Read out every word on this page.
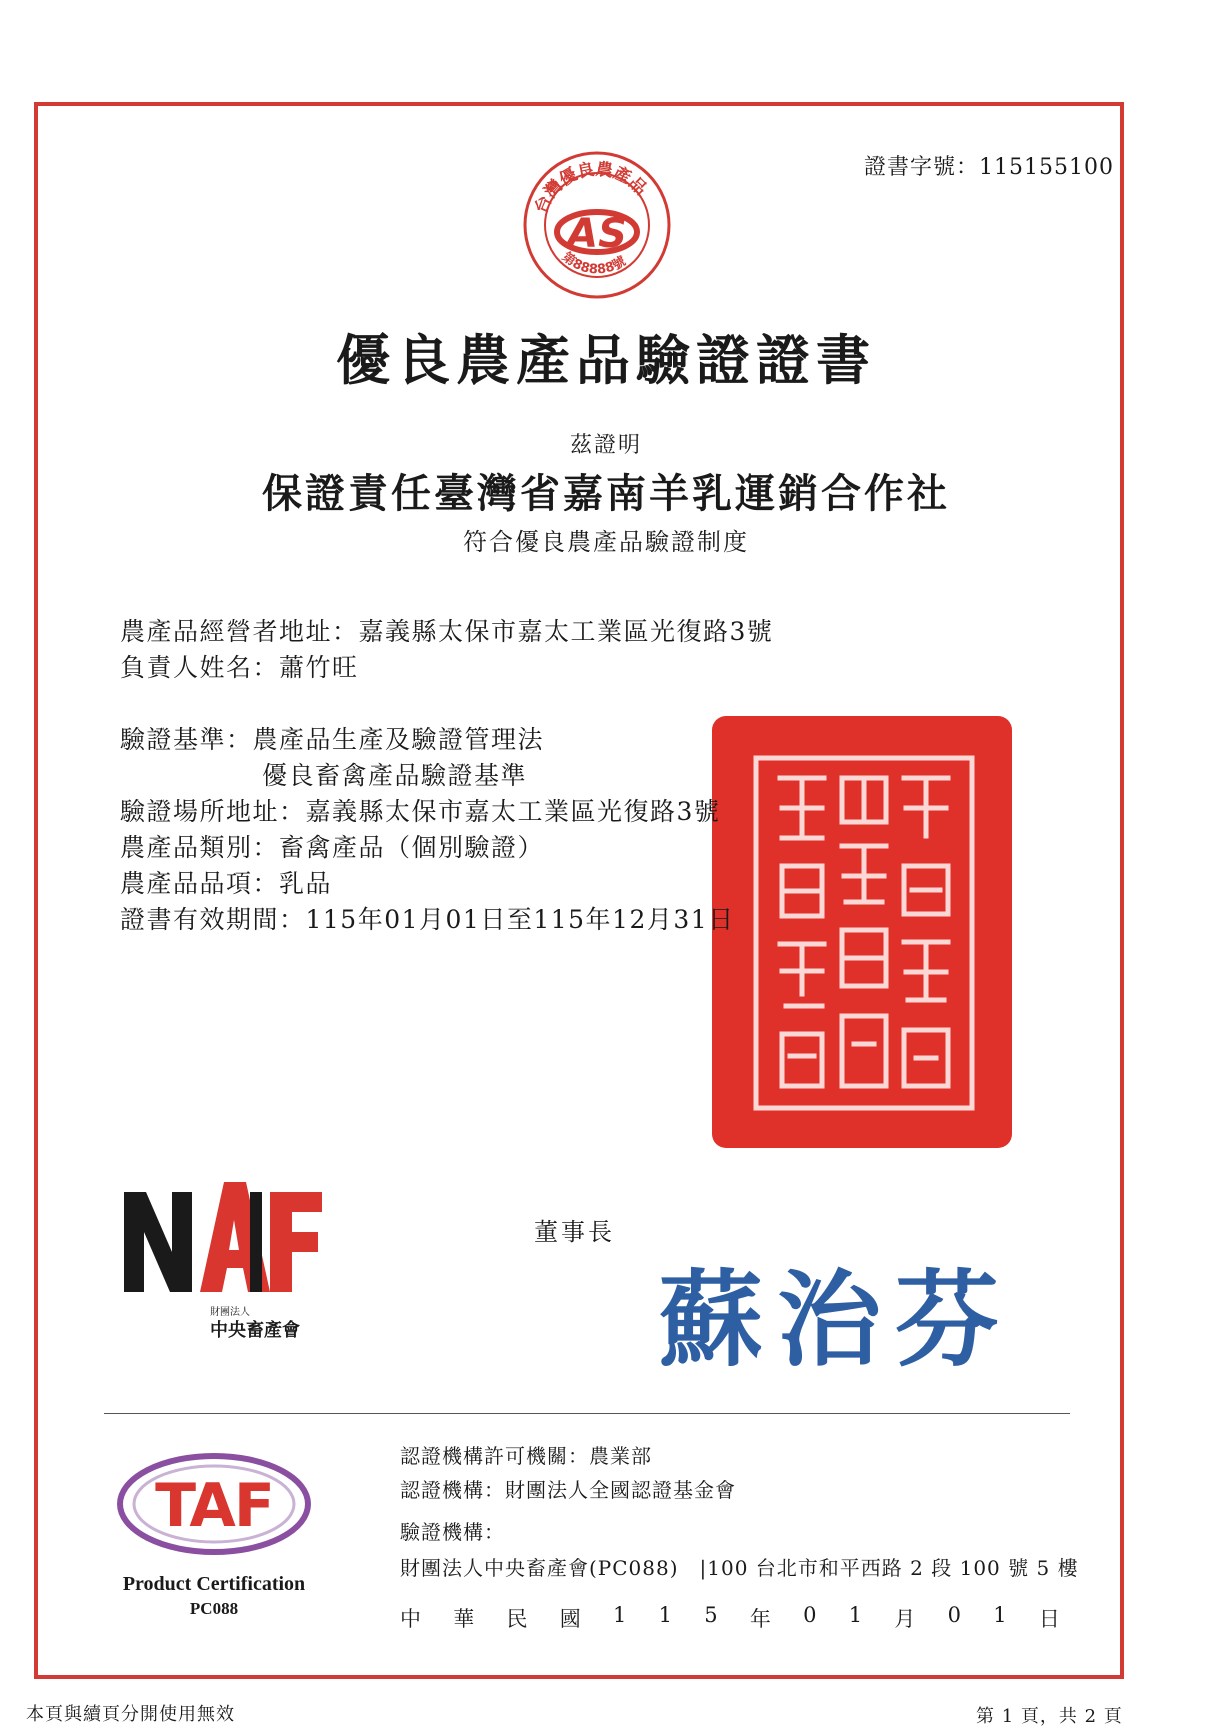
證書字號：115155100
台灣優良農產品
第88888號
AS
優良農產品驗證證書
茲證明
保證責任臺灣省嘉南羊乳運銷合作社
符合優良農產品驗證制度
農產品經營者地址：嘉義縣太保市嘉太工業區光復路3號
負責人姓名：蕭竹旺
驗證基準：農產品生產及驗證管理法
優良畜禽產品驗證基準
驗證場所地址：嘉義縣太保市嘉太工業區光復路3號
農產品類別：畜禽產品（個別驗證）
農產品品項：乳品
證書有效期間：115年01月01日至115年12月31日
財團法人
中央畜產會
董事長
蘇治芬
TAF
Product Certification
PC088
認證機構許可機關：農業部
認證機構：財團法人全國認證基金會
驗證機構：
財團法人中央畜產會(PC088)　|100 台北市和平西路 2 段 100 號 5 樓
中 華 民 國 1 1 5 年 0 1 月 0 1 日
本頁與續頁分開使用無效	第 1 頁，共 2 頁
